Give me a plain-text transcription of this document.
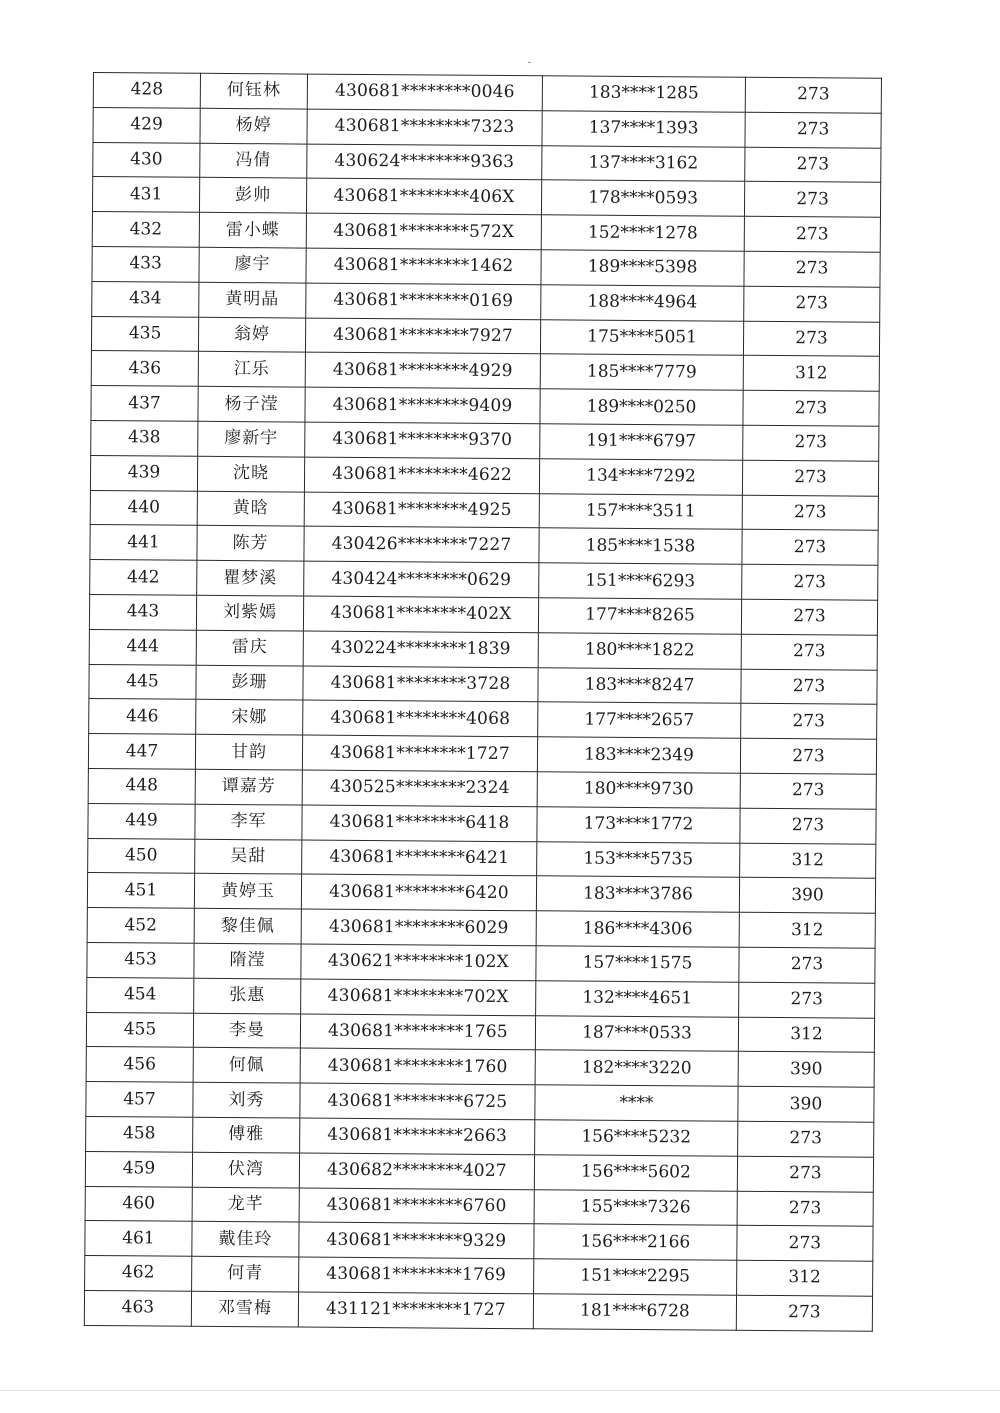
428	何钰林	430681********0046	183****1285	273
429	杨婷	430681********7323	137****1393	273
430	冯倩	430624********9363	137****3162	273
431	彭帅	430681********406X	178****0593	273
432	雷小蝶	430681********572X	152****1278	273
433	廖宇	430681********1462	189****5398	273
434	黄明晶	430681********0169	188****4964	273
435	翁婷	430681********7927	175****5051	273
436	江乐	430681********4929	185****7779	312
437	杨子滢	430681********9409	189****0250	273
438	廖新宇	430681********9370	191****6797	273
439	沈晓	430681********4622	134****7292	273
440	黄晗	430681********4925	157****3511	273
441	陈芳	430426********7227	185****1538	273
442	瞿梦溪	430424********0629	151****6293	273
443	刘紫嫣	430681********402X	177****8265	273
444	雷庆	430224********1839	180****1822	273
445	彭珊	430681********3728	183****8247	273
446	宋娜	430681********4068	177****2657	273
447	甘韵	430681********1727	183****2349	273
448	谭嘉芳	430525********2324	180****9730	273
449	李军	430681********6418	173****1772	273
450	吴甜	430681********6421	153****5735	312
451	黄婷玉	430681********6420	183****3786	390
452	黎佳佩	430681********6029	186****4306	312
453	隋滢	430621********102X	157****1575	273
454	张惠	430681********702X	132****4651	273
455	李曼	430681********1765	187****0533	312
456	何佩	430681********1760	182****3220	390
457	刘秀	430681********6725	****	390
458	傅雅	430681********2663	156****5232	273
459	伏湾	430682********4027	156****5602	273
460	龙芊	430681********6760	155****7326	273
461	戴佳玲	430681********9329	156****2166	273
462	何青	430681********1769	151****2295	312
463	邓雪梅	431121********1727	181****6728	273
